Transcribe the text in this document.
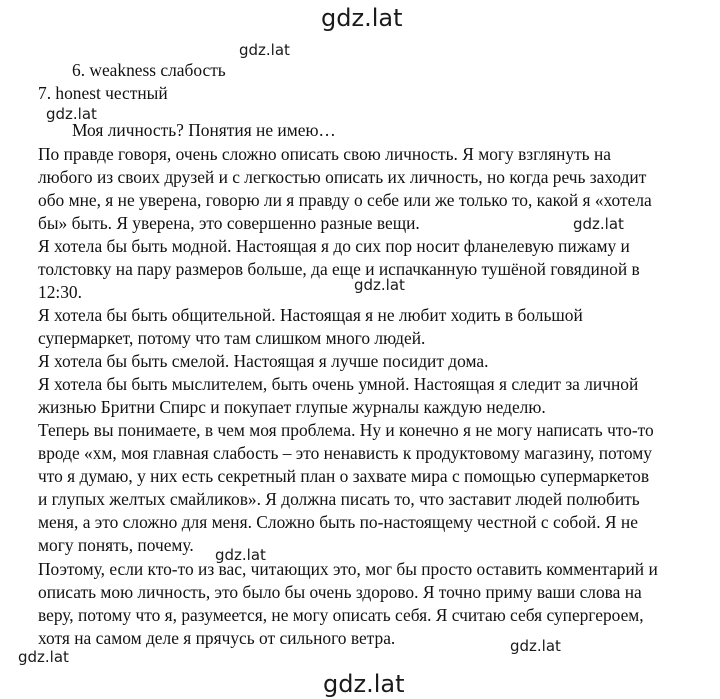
gdz.lat
gdz.lat
gdz.lat
gdz.lat
gdz.lat
gdz.lat
gdz.lat
gdz.lat
gdz.lat
6. weakness слабость
7. honest честный
Моя личность? Понятия не имею…
По правде говоря, очень сложно описать свою личность. Я могу взглянуть на
любого из своих друзей и с легкостью описать их личность, но когда речь заходит
обо мне, я не уверена, говорю ли я правду о себе или же только то, какой я «хотела
бы» быть. Я уверена, это совершенно разные вещи.
Я хотела бы быть модной. Настоящая я до сих пор носит фланелевую пижаму и
толстовку на пару размеров больше, да еще и испачканную тушёной говядиной в
12:30.
Я хотела бы быть общительной. Настоящая я не любит ходить в большой
супермаркет, потому что там слишком много людей.
Я хотела бы быть смелой. Настоящая я лучше посидит дома.
Я хотела бы быть мыслителем, быть очень умной. Настоящая я следит за личной
жизнью Бритни Спирс и покупает глупые журналы каждую неделю.
Теперь вы понимаете, в чем моя проблема. Ну и конечно я не могу написать что-то
вроде «хм, моя главная слабость – это ненависть к продуктовому магазину, потому
что я думаю, у них есть секретный план о захвате мира с помощью супермаркетов
и глупых желтых смайликов». Я должна писать то, что заставит людей полюбить
меня, а это сложно для меня. Сложно быть по-настоящему честной с собой. Я не
могу понять, почему.
Поэтому, если кто-то из вас, читающих это, мог бы просто оставить комментарий и
описать мою личность, это было бы очень здорово. Я точно приму ваши слова на
веру, потому что я, разумеется, не могу описать себя. Я считаю себя супергероем,
хотя на самом деле я прячусь от сильного ветра.
